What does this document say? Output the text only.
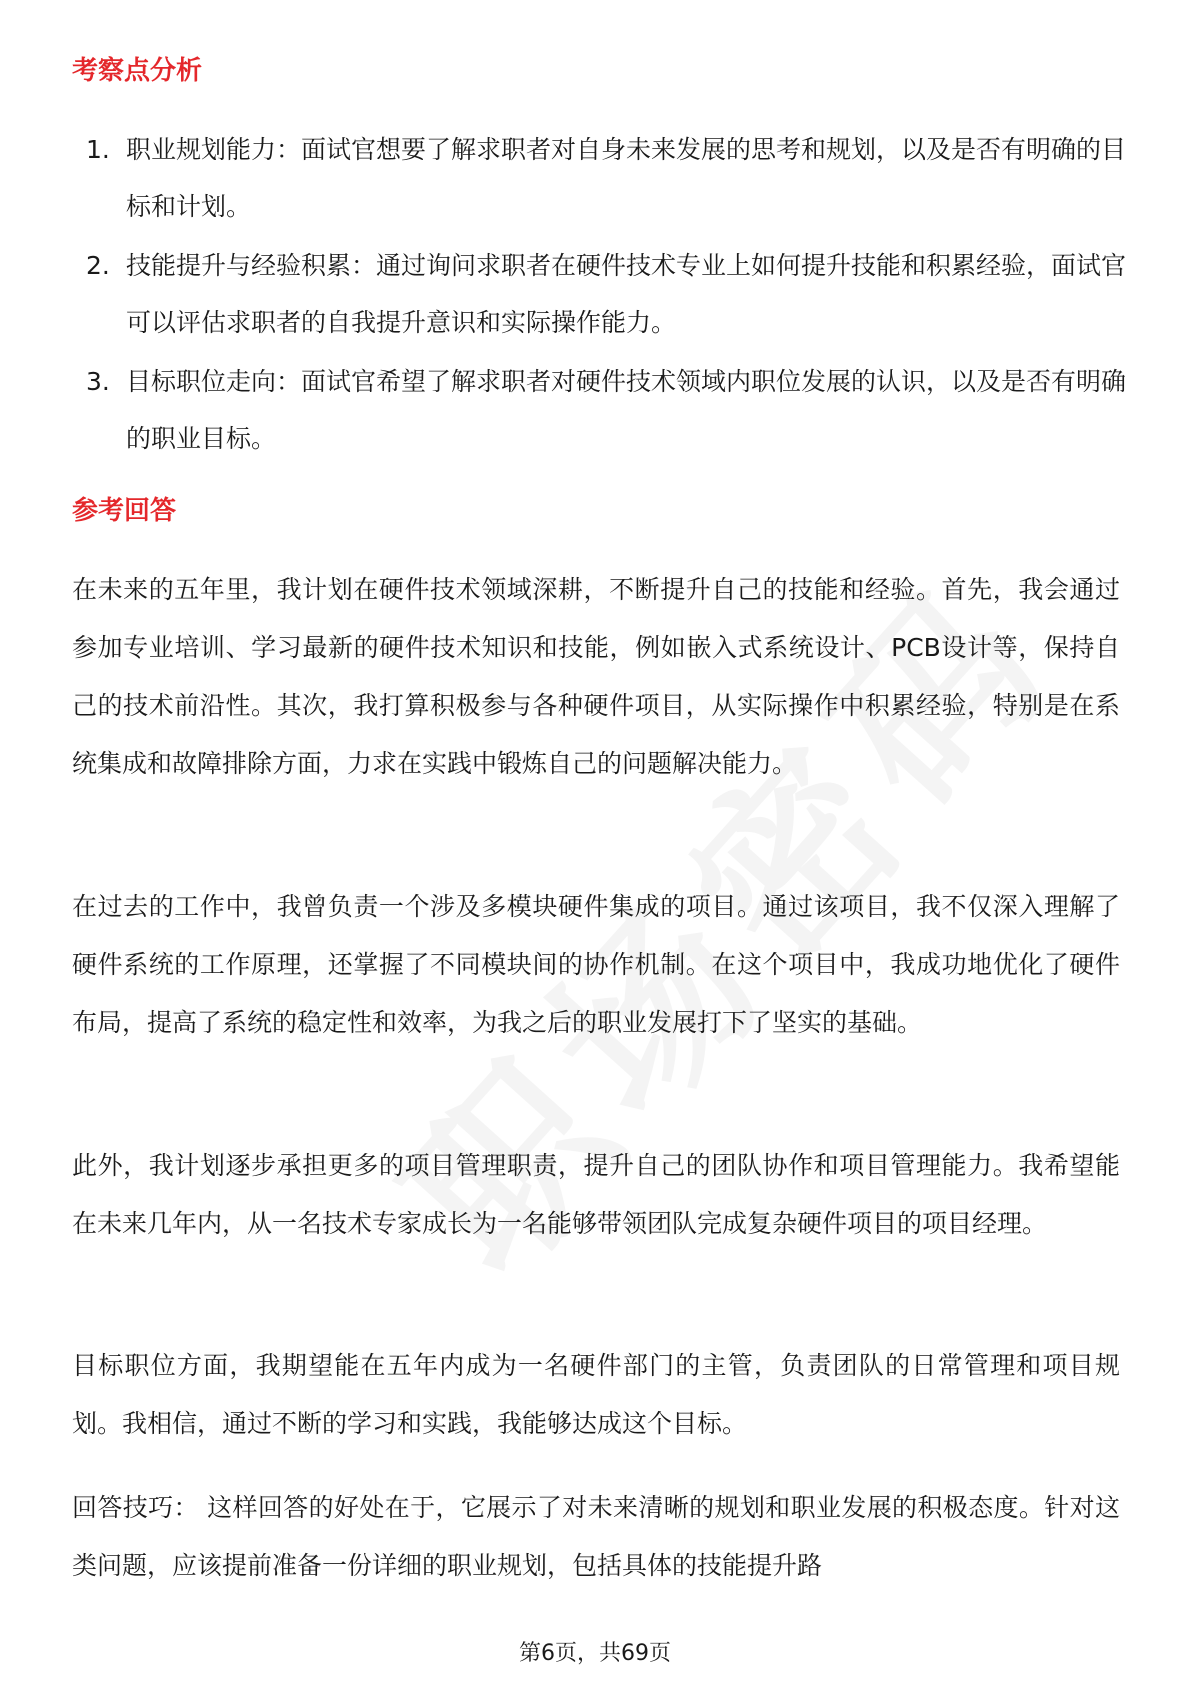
考察点分析
1. 职业规划能力：面试官想要了解求职者对自身未来发展的思考和规划，以及是否有明确的目标和计划。
2. 技能提升与经验积累：通过询问求职者在硬件技术专业上如何提升技能和积累经验，面试官可以评估求职者的自我提升意识和实际操作能力。
3. 目标职位走向：面试官希望了解求职者对硬件技术领域内职位发展的认识，以及是否有明确的职业目标。
参考回答

在未来的五年里，我计划在硬件技术领域深耕，不断提升自己的技能和经验。首先，我会通过参加专业培训、学习最新的硬件技术知识和技能，例如嵌入式系统设计、PCB设计等，保持自己的技术前沿性。其次，我打算积极参与各种硬件项目，从实际操作中积累经验，特别是在系统集成和故障排除方面，力求在实践中锻炼自己的问题解决能力。

在过去的工作中，我曾负责一个涉及多模块硬件集成的项目。通过该项目，我不仅深入理解了硬件系统的工作原理，还掌握了不同模块间的协作机制。在这个项目中，我成功地优化了硬件布局，提高了系统的稳定性和效率，为我之后的职业发展打下了坚实的基础。

此外，我计划逐步承担更多的项目管理职责，提升自己的团队协作和项目管理能力。我希望能在未来几年内，从一名技术专家成长为一名能够带领团队完成复杂硬件项目的项目经理。

目标职位方面，我期望能在五年内成为一名硬件部门的主管，负责团队的日常管理和项目规划。我相信，通过不断的学习和实践，我能够达成这个目标。

回答技巧： 这样回答的好处在于，它展示了对未来清晰的规划和职业发展的积极态度。针对这类问题，应该提前准备一份详细的职业规划，包括具体的技能提升路

第6页，共69页
